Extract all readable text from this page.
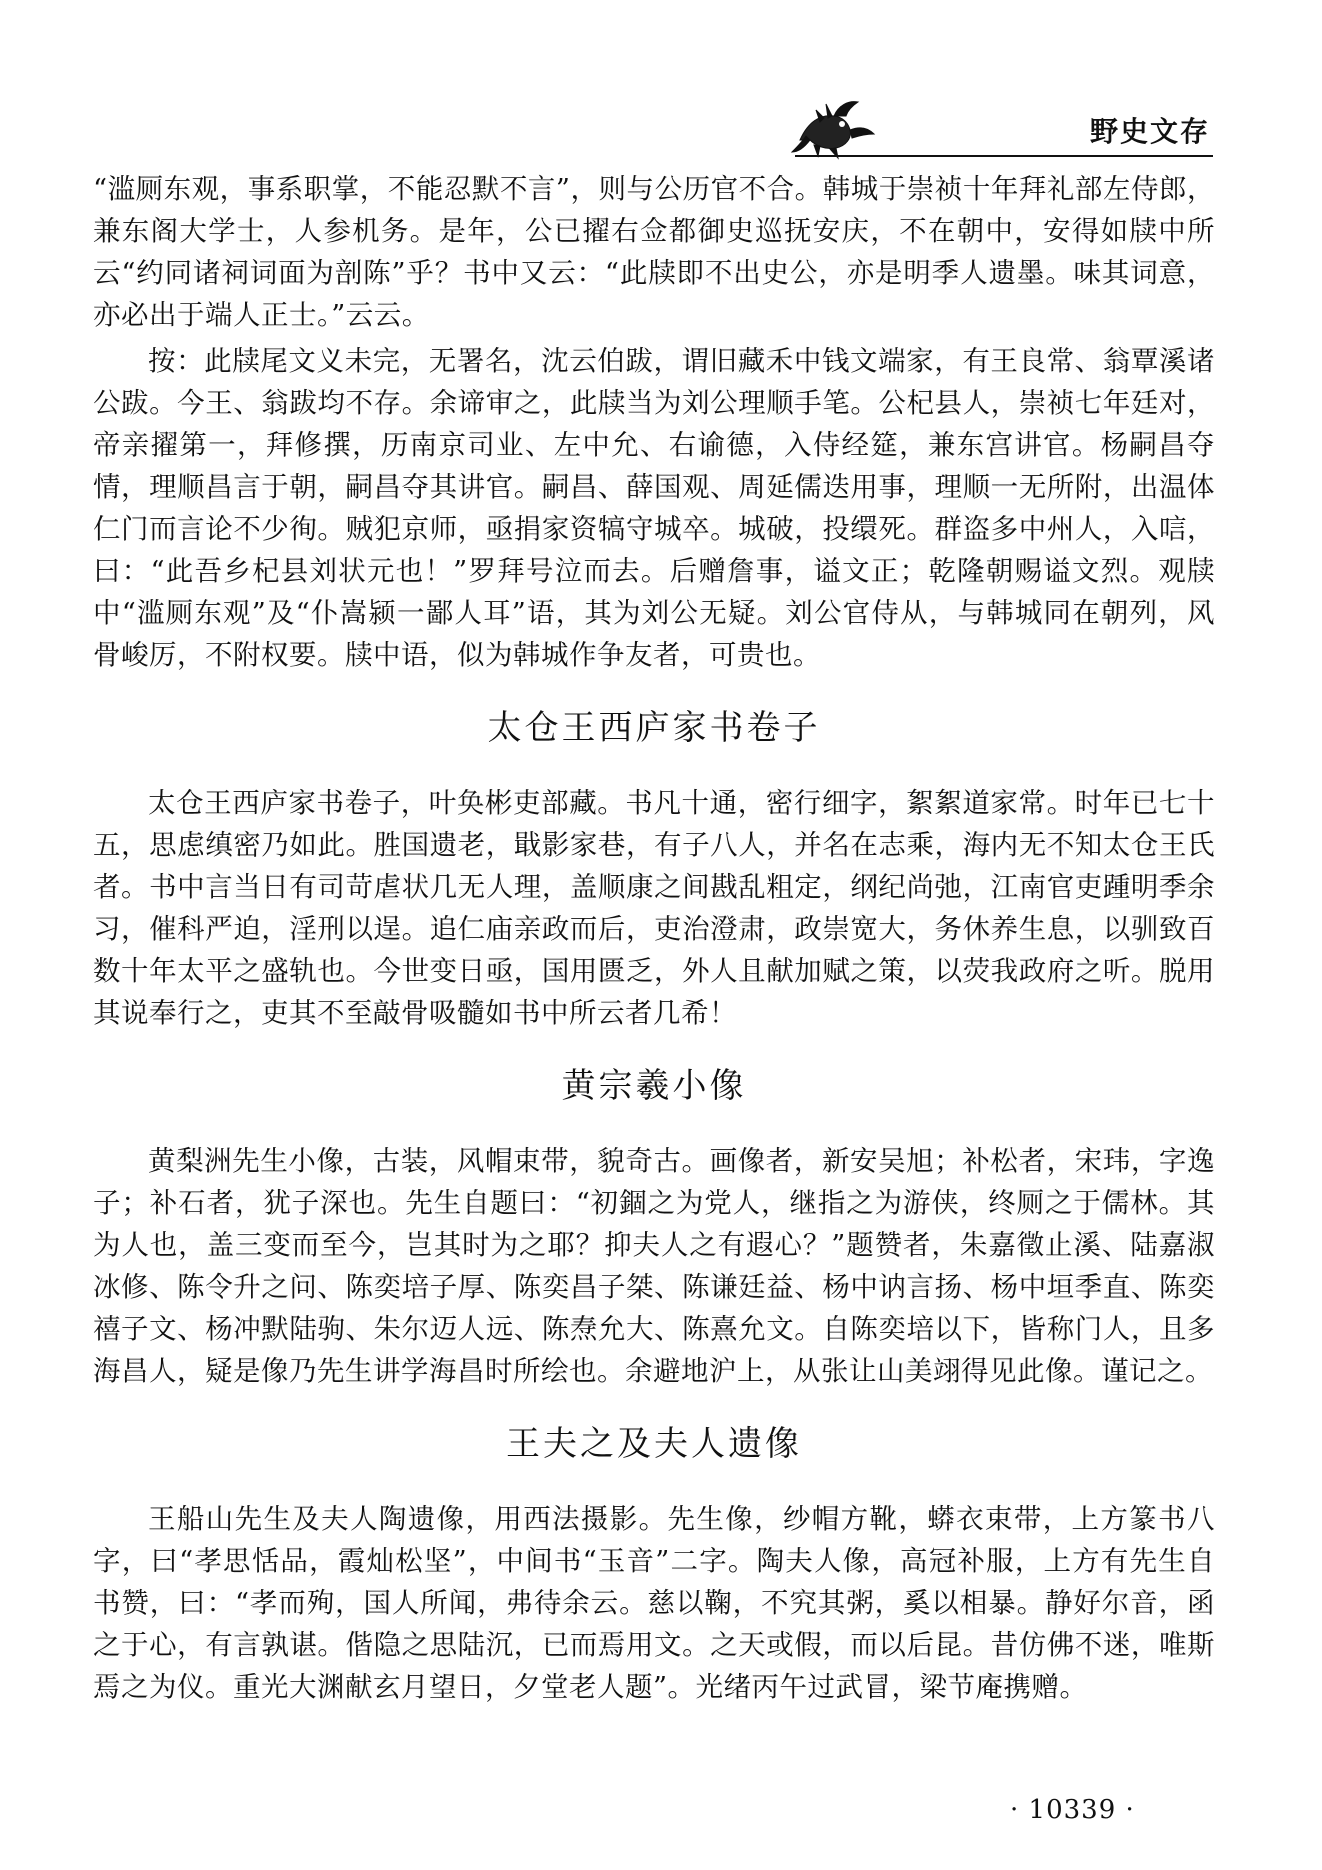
野史文存

“滥厕东观，事系职掌，不能忍默不言”，则与公历官不合。韩城于崇祯十年拜礼部左侍郎，兼东阁大学士，人参机务。是年，公已擢右佥都御史巡抚安庆，不在朝中，安得如牍中所云“约同诸祠词面为剖陈”乎？书中又云：“此牍即不出史公，亦是明季人遗墨。味其词意，亦必出于端人正士。”云云。

按：此牍尾文义未完，无署名，沈云伯跋，谓旧藏禾中钱文端家，有王良常、翁覃溪诸公跋。今王、翁跋均不存。余谛审之，此牍当为刘公理顺手笔。公杞县人，崇祯七年廷对，帝亲擢第一，拜修撰，历南京司业、左中允、右谕德，入侍经筵，兼东宫讲官。杨嗣昌夺情，理顺昌言于朝，嗣昌夺其讲官。嗣昌、薛国观、周延儒迭用事，理顺一无所附，出温体仁门而言论不少徇。贼犯京师，亟捐家资犒守城卒。城破，投缳死。群盗多中州人，入唁，曰：“此吾乡杞县刘状元也！”罗拜号泣而去。后赠詹事，谥文正；乾隆朝赐谥文烈。观牍中“滥厕东观”及“仆嵩颍一鄙人耳”语，其为刘公无疑。刘公官侍从，与韩城同在朝列，风骨峻厉，不附权要。牍中语，似为韩城作争友者，可贵也。

太仓王西庐家书卷子

太仓王西庐家书卷子，叶奂彬吏部藏。书凡十通，密行细字，絮絮道家常。时年已七十五，思虑缜密乃如此。胜国遗老，戢影家巷，有子八人，并名在志乘，海内无不知太仓王氏者。书中言当日有司苛虐状几无人理，盖顺康之间戡乱粗定，纲纪尚弛，江南官吏踵明季余习，催科严迫，淫刑以逞。追仁庙亲政而后，吏治澄肃，政崇宽大，务休养生息，以驯致百数十年太平之盛轨也。今世变日亟，国用匮乏，外人且献加赋之策，以荧我政府之听。脱用其说奉行之，吏其不至敲骨吸髓如书中所云者几希！

黄宗羲小像

黄梨洲先生小像，古装，风帽束带，貌奇古。画像者，新安吴旭；补松者，宋玮，字逸子；补石者，犹子深也。先生自题曰：“初錮之为党人，继指之为游侠，终厕之于儒林。其为人也，盖三变而至今，岂其时为之耶？抑夫人之有遐心？”题赞者，朱嘉徵止溪、陆嘉淑冰修、陈令升之问、陈奕培子厚、陈奕昌子桀、陈谦廷益、杨中讷言扬、杨中垣季直、陈奕禧子文、杨冲默陆驹、朱尔迈人远、陈焘允大、陈熹允文。自陈奕培以下，皆称门人，且多海昌人，疑是像乃先生讲学海昌时所绘也。余避地沪上，从张让山美翊得见此像。谨记之。

王夫之及夫人遗像

王船山先生及夫人陶遗像，用西法摄影。先生像，纱帽方靴，蟒衣束带，上方篆书八字，曰“孝思恬品，霞灿松坚”，中间书“玉音”二字。陶夫人像，高冠补服，上方有先生自书赞，曰：“孝而殉，国人所闻，弗待余云。慈以鞠，不究其粥，奚以相暴。静好尔音，函之于心，有言孰谌。偕隐之思陆沉，已而焉用文。之天或假，而以后昆。昔仿佛不迷，唯斯焉之为仪。重光大渊献玄月望日，夕堂老人题”。光绪丙午过武冒，梁节庵携赠。

· 10339 ·
